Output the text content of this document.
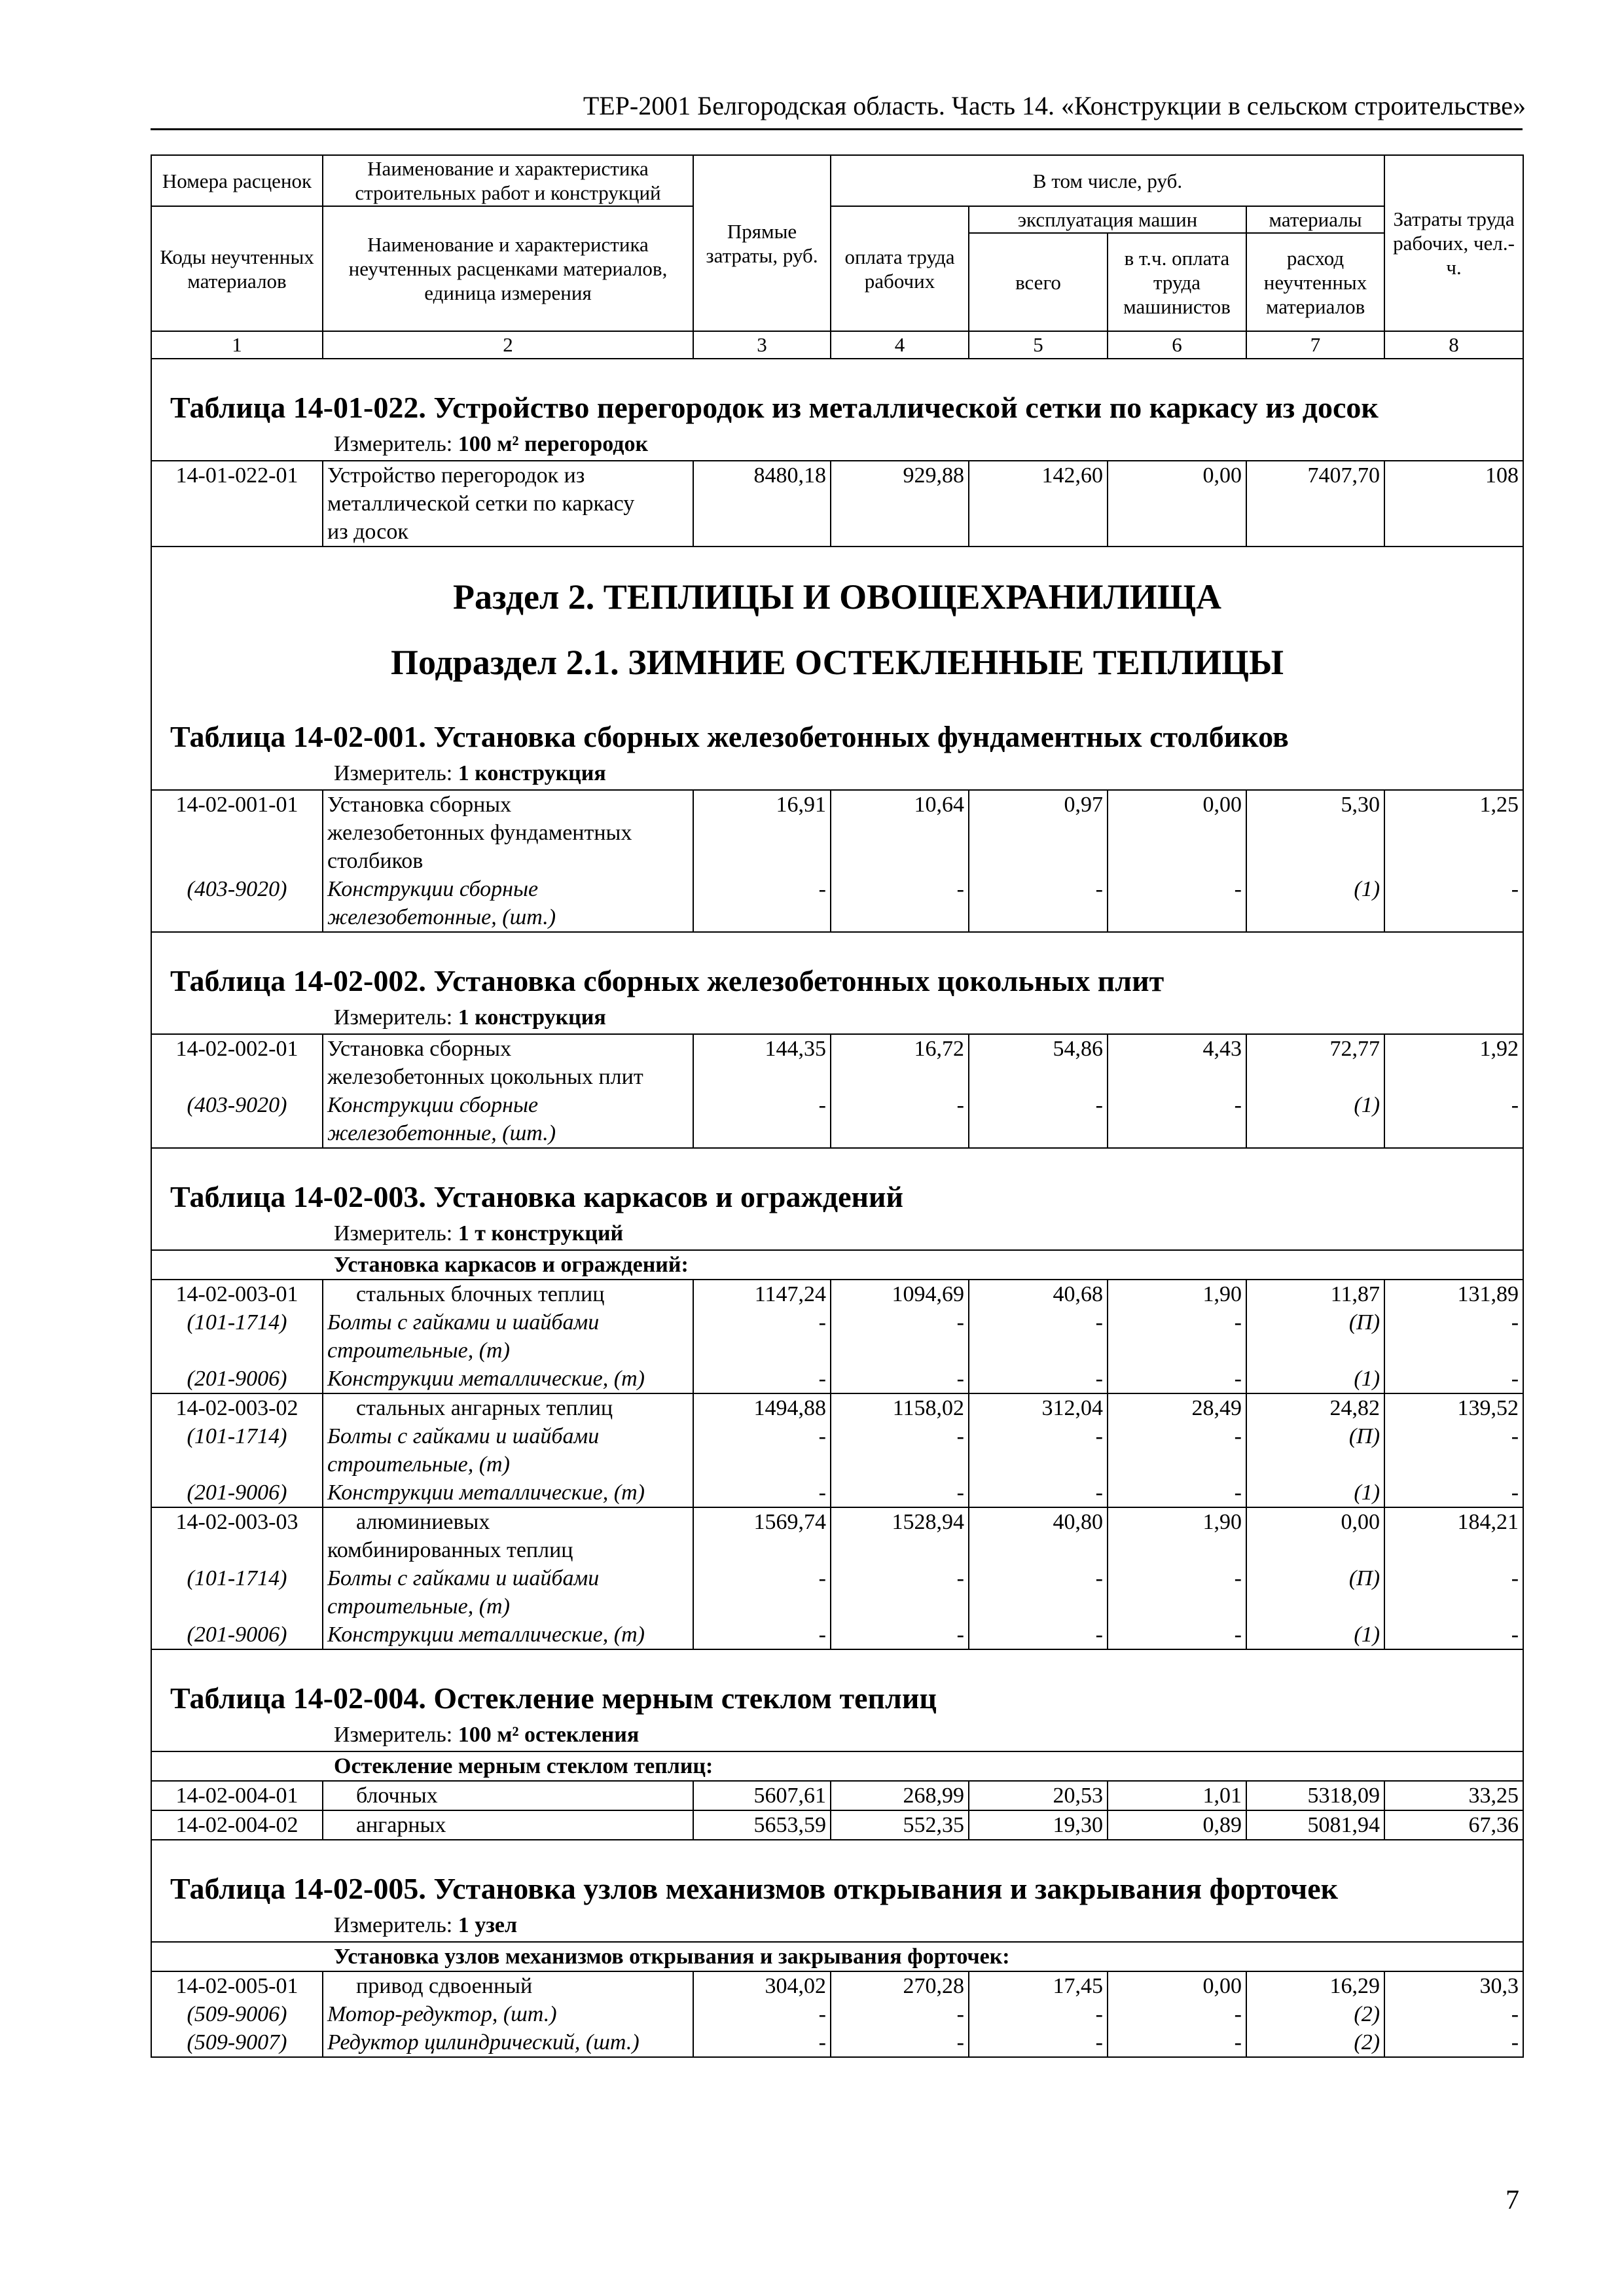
ТЕР-2001 Белгородская область. Часть 14. «Конструкции в сельском строительстве»
Номера расценок	Наименование и характеристика строительных работ и конструкций	Прямые затраты, руб.	В том числе, руб.				Затраты труда рабочих, чел.-ч.
Коды неучтенных материалов	Наименование и характеристика неучтенных расценками материалов, единица измерения		оплата труда рабочих	эксплуатация машин		материалы	
				всего	в т.ч. оплата труда машинистов	расход неучтенных материалов	
1	2	3	4	5	6	7	8

Таблица 14-01-022. Устройство перегородок из металлической сетки по каркасу из досок
Измеритель: 100 м² перегородок							

14-01-022-01	Устройство перегородок из
металлической сетки по каркасу
из досок	8480,18	929,88	142,60	0,00	7407,70	108

Раздел 2. ТЕПЛИЦЫ И ОВОЩЕХРАНИЛИЩА
Подраздел 2.1. ЗИМНИЕ ОСТЕКЛЕННЫЕ ТЕПЛИЦЫ
Таблица 14-02-001. Установка сборных железобетонных фундаментных столбиков
Измеритель: 1 конструкция							

14-02-001-01	Установка сборных
железобетонных фундаментных
столбиков	16,91	10,64	0,97	0,00	5,30	1,25
(403-9020)	Конструкции сборные
железобетонные, (шт.)	-	-	-	-	(1)	-

Таблица 14-02-002. Установка сборных железобетонных цокольных плит
Измеритель: 1 конструкция							

14-02-002-01	Установка сборных
железобетонных цокольных плит	144,35	16,72	54,86	4,43	72,77	1,92
(403-9020)	Конструкции сборные
железобетонные, (шт.)	-	-	-	-	(1)	-

Таблица 14-02-003. Установка каркасов и ограждений
Измеритель: 1 т конструкций							

Установка каркасов и ограждений:							
14-02-003-01	стальных блочных теплиц	1147,24	1094,69	40,68	1,90	11,87	131,89
(101-1714)	Болты с гайками и шайбами
строительные, (т)	-	-	-	-	(П)	-
(201-9006)	Конструкции металлические, (т)	-	-	-	-	(1)	-
14-02-003-02	стальных ангарных теплиц	1494,88	1158,02	312,04	28,49	24,82	139,52
(101-1714)	Болты с гайками и шайбами
строительные, (т)	-	-	-	-	(П)	-
(201-9006)	Конструкции металлические, (т)	-	-	-	-	(1)	-
14-02-003-03	алюминиевых
комбинированных теплиц	1569,74	1528,94	40,80	1,90	0,00	184,21
(101-1714)	Болты с гайками и шайбами
строительные, (т)	-	-	-	-	(П)	-
(201-9006)	Конструкции металлические, (т)	-	-	-	-	(1)	-

Таблица 14-02-004. Остекление мерным стеклом теплиц
Измеритель: 100 м² остекления							

Остекление мерным стеклом теплиц:							
14-02-004-01	блочных	5607,61	268,99	20,53	1,01	5318,09	33,25
14-02-004-02	ангарных	5653,59	552,35	19,30	0,89	5081,94	67,36

Таблица 14-02-005. Установка узлов механизмов открывания и закрывания форточек
Измеритель: 1 узел							

Установка узлов механизмов открывания и закрывания форточек:							
14-02-005-01	привод сдвоенный	304,02	270,28	17,45	0,00	16,29	30,3
(509-9006)	Мотор-редуктор, (шт.)	-	-	-	-	(2)	-
(509-9007)	Редуктор цилиндрический, (шт.)	-	-	-	-	(2)	-
7
